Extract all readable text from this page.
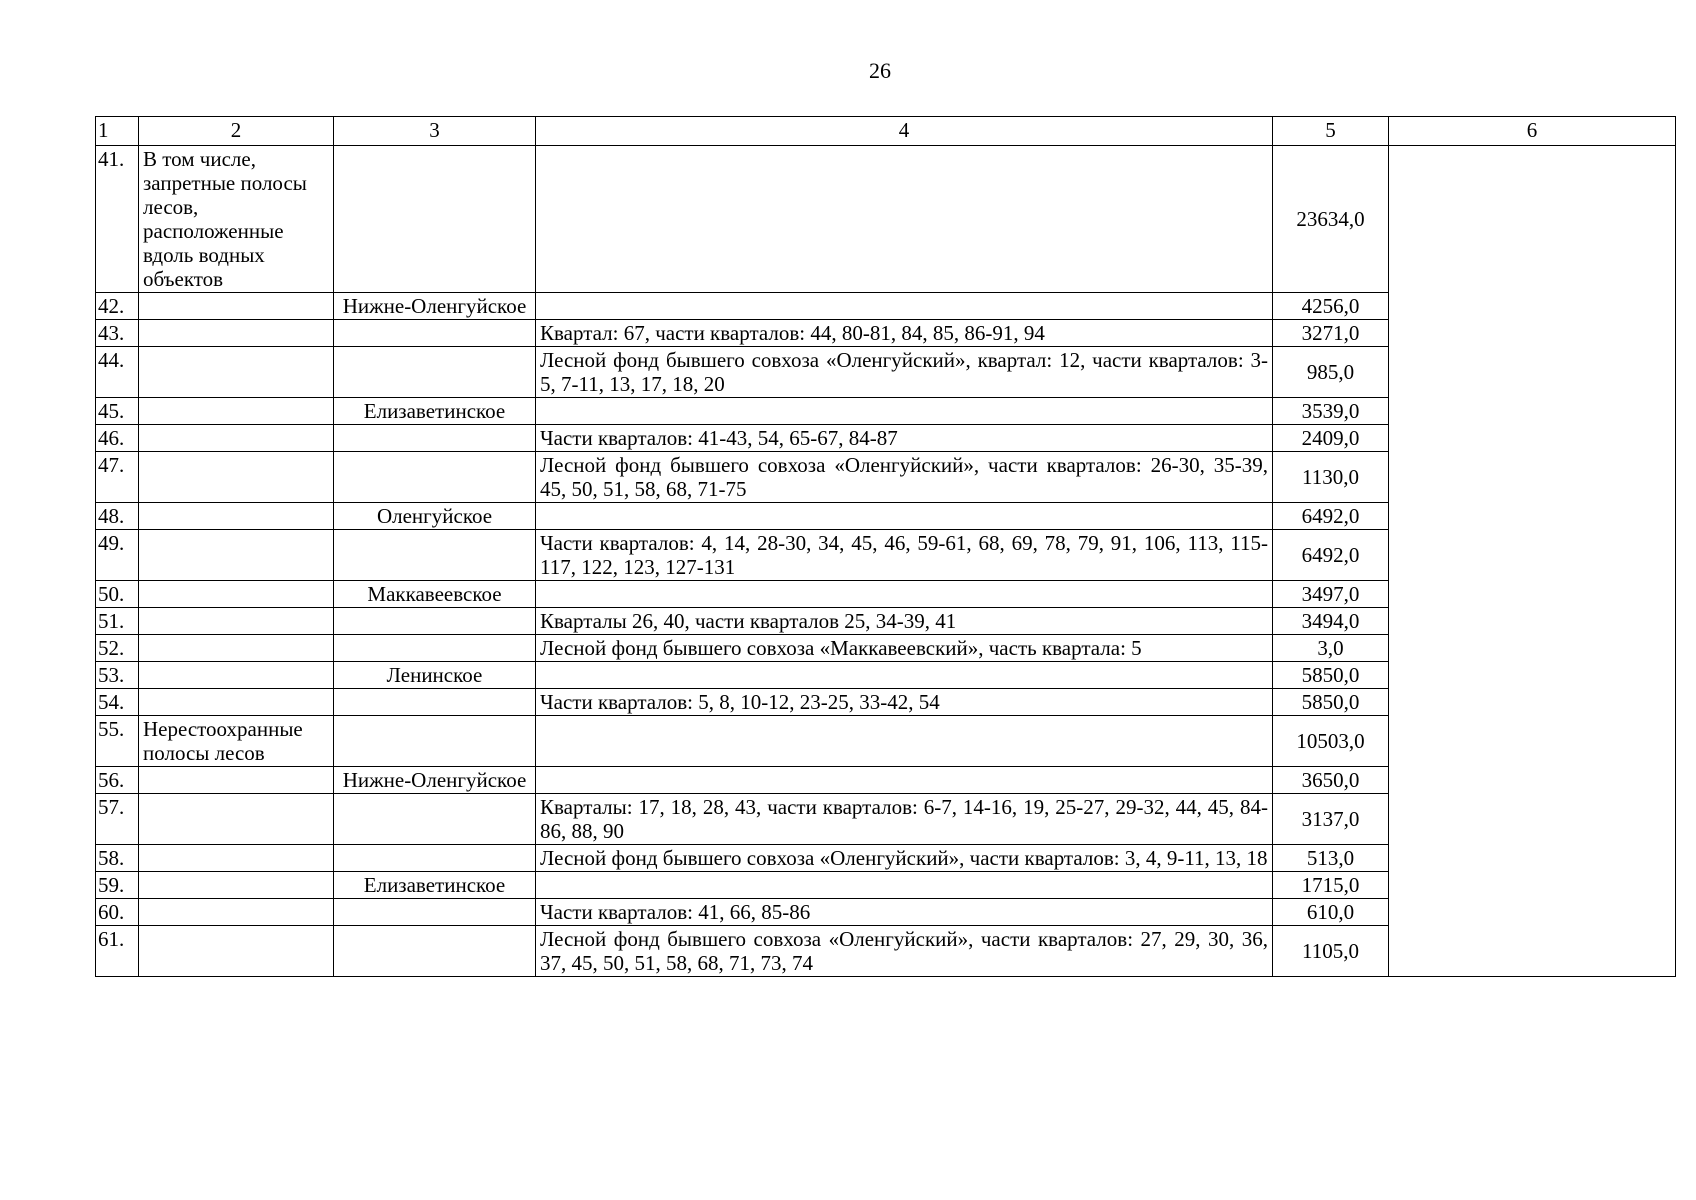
26
1	2	3	4	5	6
41.	В том числе, запретные полосы лесов, расположенные вдоль водных объектов			23634,0	
42.		Нижне-Оленгуйское		4256,0	
43.			Квартал: 67, части кварталов: 44, 80-81, 84, 85, 86-91, 94	3271,0	
44.			Лесной фонд бывшего совхоза «Оленгуйский», квартал: 12, части кварталов: 3-5, 7-11, 13, 17, 18, 20	985,0	
45.		Елизаветинское		3539,0	
46.			Части кварталов: 41-43, 54, 65-67, 84-87	2409,0	
47.			Лесной фонд бывшего совхоза «Оленгуйский», части кварталов: 26-30, 35-39, 45, 50, 51, 58, 68, 71-75	1130,0	
48.		Оленгуйское		6492,0	
49.			Части кварталов: 4, 14, 28-30, 34, 45, 46, 59-61, 68, 69, 78, 79, 91, 106, 113, 115-117, 122, 123, 127-131	6492,0	
50.		Маккавеевское		3497,0	
51.			Кварталы 26, 40, части кварталов 25, 34-39, 41	3494,0	
52.			Лесной фонд бывшего совхоза «Маккавеевский», часть квартала: 5	3,0	
53.		Ленинское		5850,0	
54.			Части кварталов: 5, 8, 10-12, 23-25, 33-42, 54	5850,0	
55.	Нерестоохранные полосы лесов			10503,0	
56.		Нижне-Оленгуйское		3650,0	
57.			Кварталы: 17, 18, 28, 43, части кварталов: 6-7, 14-16, 19, 25-27, 29-32, 44, 45, 84-86, 88, 90	3137,0	
58.			Лесной фонд бывшего совхоза «Оленгуйский», части кварталов: 3, 4, 9-11, 13, 18	513,0	
59.		Елизаветинское		1715,0	
60.			Части кварталов: 41, 66, 85-86	610,0	
61.			Лесной фонд бывшего совхоза «Оленгуйский», части кварталов: 27, 29, 30, 36, 37, 45, 50, 51, 58, 68, 71, 73, 74	1105,0	
